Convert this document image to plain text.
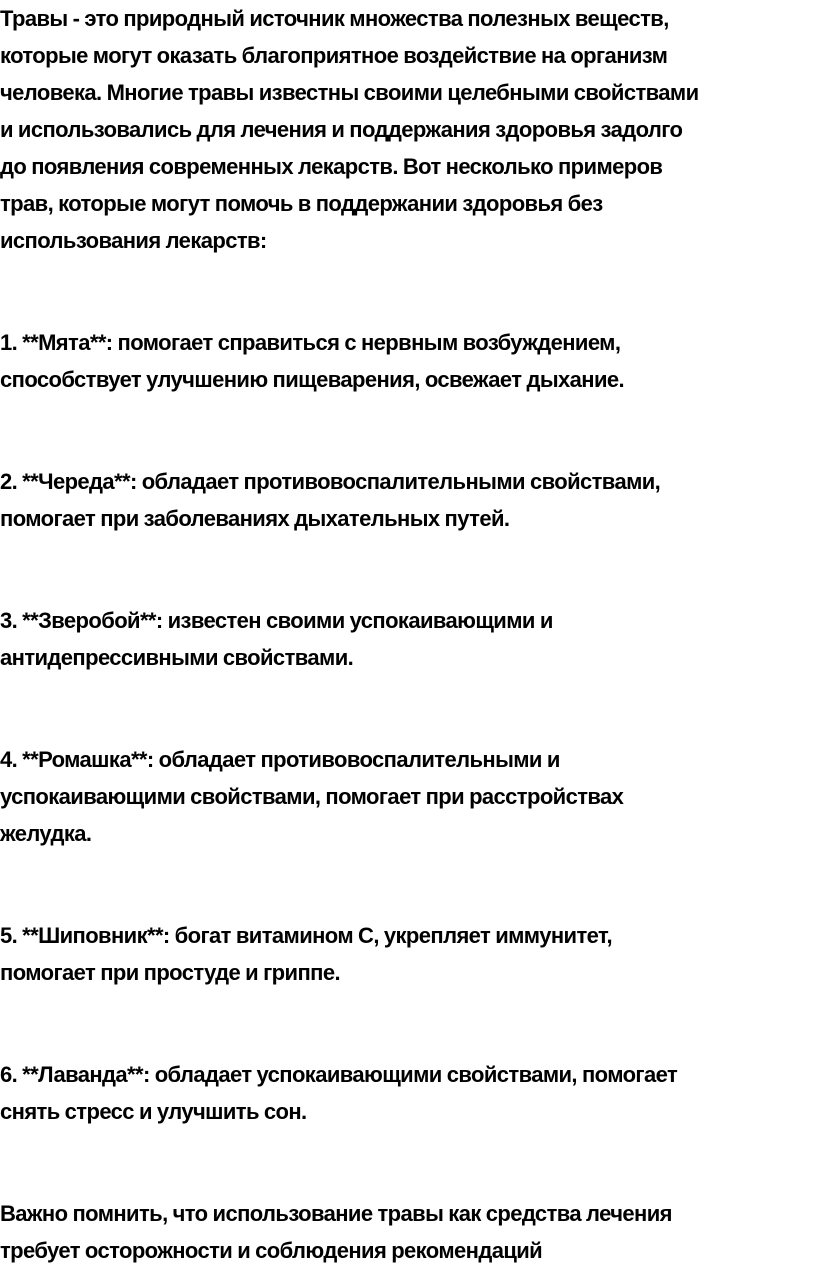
Травы - это природный источник множества полезных веществ,
которые могут оказать благоприятное воздействие на организм
человека. Многие травы известны своими целебными свойствами
и использовались для лечения и поддержания здоровья задолго
до появления современных лекарств. Вот несколько примеров
трав, которые могут помочь в поддержании здоровья без
использования лекарств:
1. **Мята**: помогает справиться с нервным возбуждением,
способствует улучшению пищеварения, освежает дыхание.
2. **Череда**: обладает противовоспалительными свойствами,
помогает при заболеваниях дыхательных путей.
3. **Зверобой**: известен своими успокаивающими и
антидепрессивными свойствами.
4. **Ромашка**: обладает противовоспалительными и
успокаивающими свойствами, помогает при расстройствах
желудка.
5. **Шиповник**: богат витамином С, укрепляет иммунитет,
помогает при простуде и гриппе.
6. **Лаванда**: обладает успокаивающими свойствами, помогает
снять стресс и улучшить сон.
Важно помнить, что использование травы как средства лечения
требует осторожности и соблюдения рекомендаций
